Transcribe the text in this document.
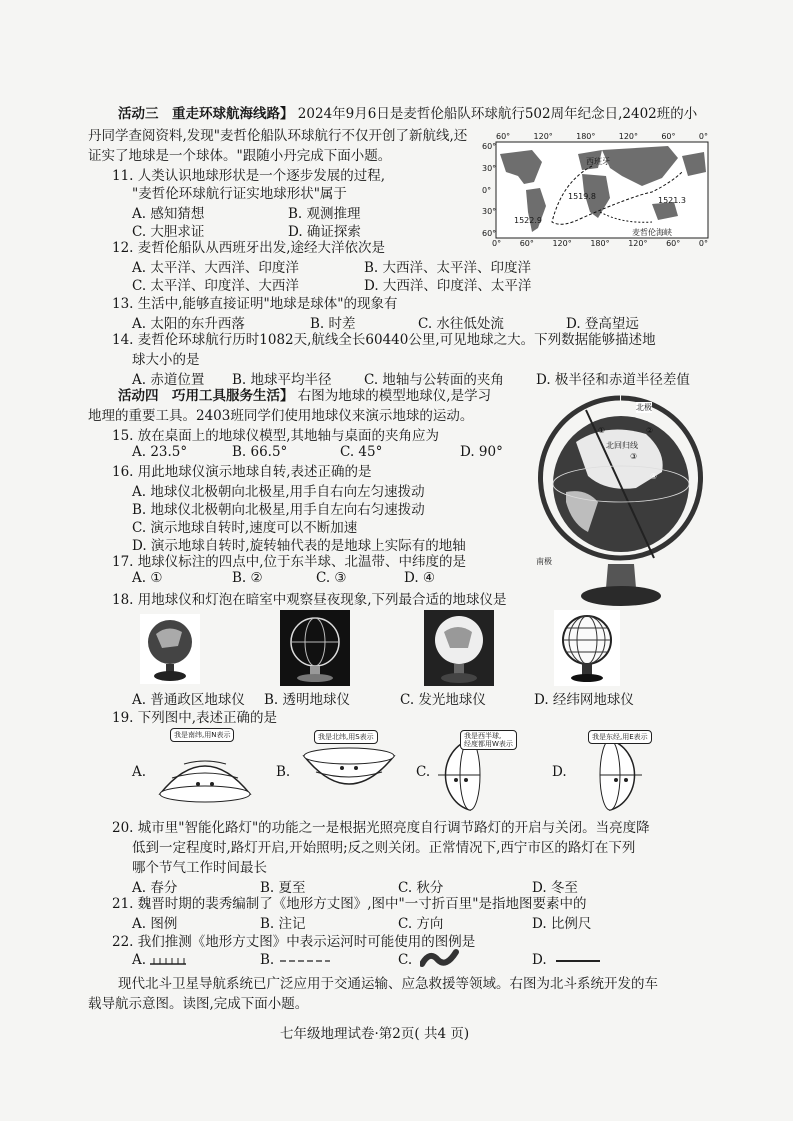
活动三　重走环球航海线路】 2024年9月6日是麦哲伦船队环球航行502周年纪念日,2402班的小
丹同学查阅资料,发现"麦哲伦船队环球航行不仅开创了新航线,还
证实了地球是一个球体。"跟随小丹完成下面小题。
60°	120°	180°	120°	60°	0°
0° 60° 120° 180° 120° 60° 0°
60°
30°
0°
30°
60°
西班牙
麦哲伦海峡
1521.3
1519.8
1522.9
11. 人类认识地球形状是一个逐步发展的过程,
"麦哲伦环球航行证实地球形状"属于
A. 感知猜想	B. 观测推理
C. 大胆求证	D. 确证探索
12. 麦哲伦船队从西班牙出发,途经大洋依次是
A. 太平洋、大西洋、印度洋	B. 大西洋、太平洋、印度洋
C. 太平洋、印度洋、大西洋	D. 大西洋、印度洋、太平洋
13. 生活中,能够直接证明"地球是球体"的现象有
A. 太阳的东升西落	B. 时差	C. 水往低处流	D. 登高望远
14. 麦哲伦环球航行历时1082天,航线全长60440公里,可见地球之大。下列数据能够描述地
球大小的是
A. 赤道位置 B. 地球平均半径 C. 地轴与公转面的夹角 D. 极半径和赤道半径差值
活动四　巧用工具服务生活】 右图为地球的模型地球仪,是学习
地理的重要工具。2403班同学们使用地球仪来演示地球的运动。
北极
南极
北回归线
①	②
③
④
15. 放在桌面上的地球仪模型,其地轴与桌面的夹角应为
A. 23.5°	B. 66.5°	C. 45°	D. 90°
16. 用此地球仪演示地球自转,表述正确的是
A. 地球仪北极朝向北极星,用手自右向左匀速拨动
B. 地球仪北极朝向北极星,用手自左向右匀速拨动
C. 演示地球自转时,速度可以不断加速
D. 演示地球自转时,旋转轴代表的是地球上实际有的地轴
17. 地球仪标注的四点中,位于东半球、北温带、中纬度的是
A. ①	B. ②	C. ③	D. ④
18. 用地球仪和灯泡在暗室中观察昼夜现象,下列最合适的地球仪是
A. 普通政区地球仪 B. 透明地球仪	C. 发光地球仪	D. 经纬网地球仪
19. 下列图中,表述正确的是
A.	B.	C.	D.
我是南纬,用N表示	我是北纬,用S表示	我是西半球,
经度都用W表示
我是东经,用E表示
20. 城市里"智能化路灯"的功能之一是根据光照亮度自行调节路灯的开启与关闭。当亮度降
低到一定程度时,路灯开启,开始照明;反之则关闭。正常情况下,西宁市区的路灯在下列
哪个节气工作时间最长
A. 春分	B. 夏至	C. 秋分	D. 冬至
21. 魏晋时期的裴秀编制了《地形方丈图》,图中"一寸折百里"是指地图要素中的
A. 图例	B. 注记	C. 方向	D. 比例尺
22. 我们推测《地形方丈图》中表示运河时可能使用的图例是
A.	B.	C.	D.
现代北斗卫星导航系统已广泛应用于交通运输、应急救援等领域。右图为北斗系统开发的车
载导航示意图。读图,完成下面小题。
七年级地理试卷·第2页( 共4 页)
